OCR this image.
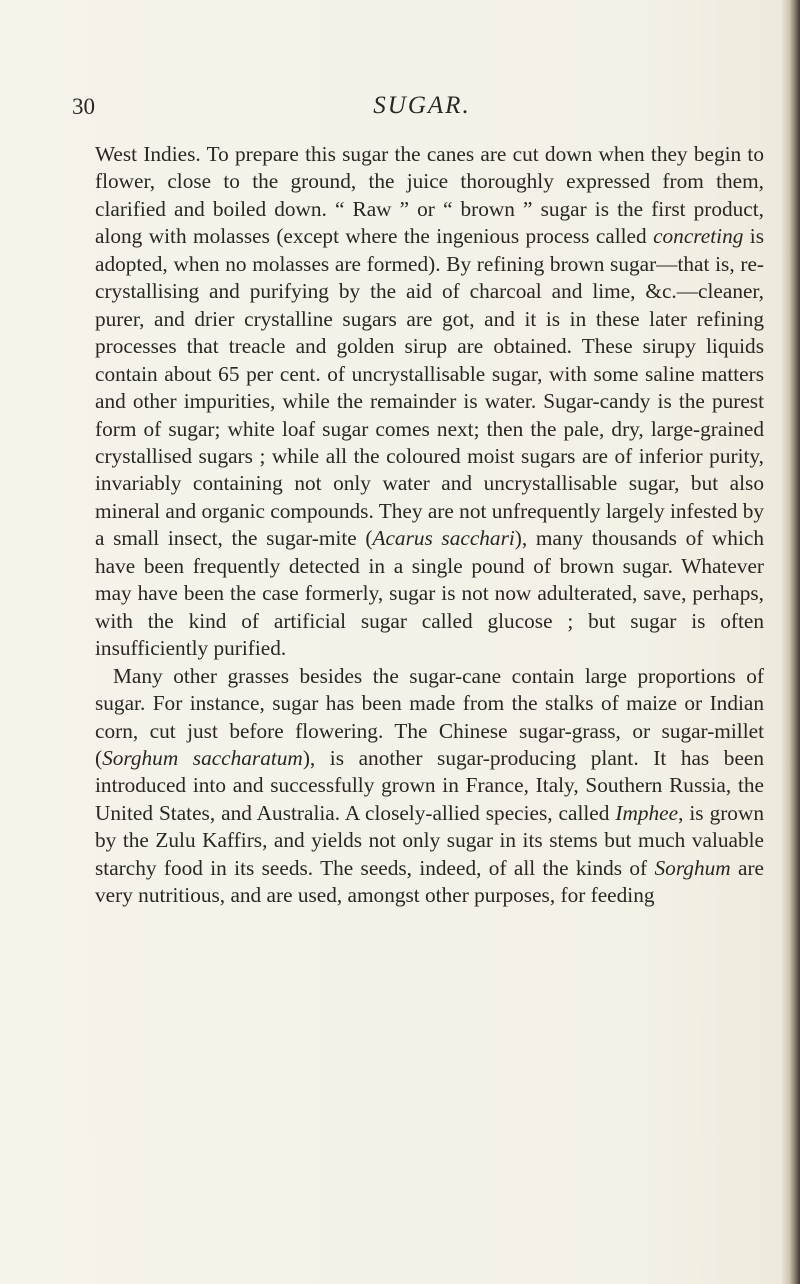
30	SUGAR.

West Indies. To prepare this sugar the canes are cut down when they begin to flower, close to the ground, the juice thoroughly expressed from them, clarified and boiled down. “ Raw ” or “ brown ” sugar is the first product, along with molasses (except where the ingenious process called concreting is adopted, when no molasses are formed). By refining brown sugar—that is, re-crystallising and purifying by the aid of charcoal and lime, &c.—cleaner, purer, and drier crystalline sugars are got, and it is in these later refining processes that treacle and golden sirup are obtained. These sirupy liquids contain about 65 per cent. of uncrystallisable sugar, with some saline matters and other impurities, while the remainder is water. Sugar-candy is the purest form of sugar; white loaf sugar comes next; then the pale, dry, large-grained crystallised sugars ; while all the coloured moist sugars are of inferior purity, invariably containing not only water and uncrystallisable sugar, but also mineral and organic compounds. They are not unfrequently largely infested by a small insect, the sugar-mite (Acarus sacchari), many thousands of which have been frequently detected in a single pound of brown sugar. Whatever may have been the case formerly, sugar is not now adulterated, save, perhaps, with the kind of artificial sugar called glucose ; but sugar is often insufficiently purified.

Many other grasses besides the sugar-cane contain large proportions of sugar. For instance, sugar has been made from the stalks of maize or Indian corn, cut just before flowering. The Chinese sugar-grass, or sugar-millet (Sorghum saccharatum), is another sugar-producing plant. It has been introduced into and successfully grown in France, Italy, Southern Russia, the United States, and Australia. A closely-allied species, called Imphee, is grown by the Zulu Kaffirs, and yields not only sugar in its stems but much valuable starchy food in its seeds. The seeds, indeed, of all the kinds of Sorghum are very nutritious, and are used, amongst other purposes, for feeding
